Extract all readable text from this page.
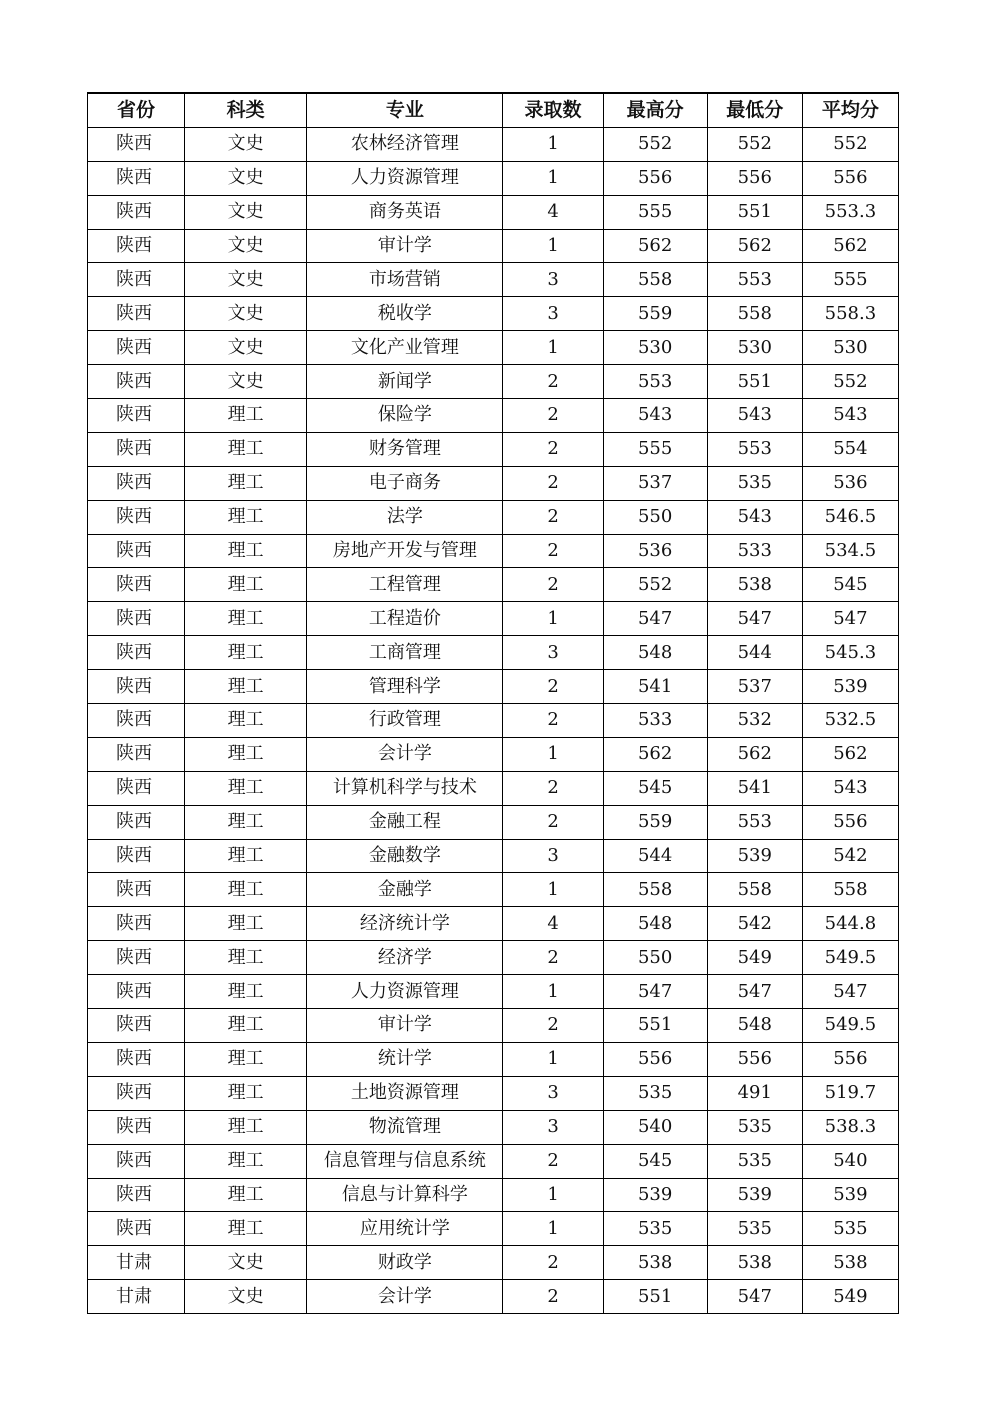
省份	科类	专业	录取数	最高分	最低分	平均分
陕西	文史	农林经济管理	1	552	552	552
陕西	文史	人力资源管理	1	556	556	556
陕西	文史	商务英语	4	555	551	553.3
陕西	文史	审计学	1	562	562	562
陕西	文史	市场营销	3	558	553	555
陕西	文史	税收学	3	559	558	558.3
陕西	文史	文化产业管理	1	530	530	530
陕西	文史	新闻学	2	553	551	552
陕西	理工	保险学	2	543	543	543
陕西	理工	财务管理	2	555	553	554
陕西	理工	电子商务	2	537	535	536
陕西	理工	法学	2	550	543	546.5
陕西	理工	房地产开发与管理	2	536	533	534.5
陕西	理工	工程管理	2	552	538	545
陕西	理工	工程造价	1	547	547	547
陕西	理工	工商管理	3	548	544	545.3
陕西	理工	管理科学	2	541	537	539
陕西	理工	行政管理	2	533	532	532.5
陕西	理工	会计学	1	562	562	562
陕西	理工	计算机科学与技术	2	545	541	543
陕西	理工	金融工程	2	559	553	556
陕西	理工	金融数学	3	544	539	542
陕西	理工	金融学	1	558	558	558
陕西	理工	经济统计学	4	548	542	544.8
陕西	理工	经济学	2	550	549	549.5
陕西	理工	人力资源管理	1	547	547	547
陕西	理工	审计学	2	551	548	549.5
陕西	理工	统计学	1	556	556	556
陕西	理工	土地资源管理	3	535	491	519.7
陕西	理工	物流管理	3	540	535	538.3
陕西	理工	信息管理与信息系统	2	545	535	540
陕西	理工	信息与计算科学	1	539	539	539
陕西	理工	应用统计学	1	535	535	535
甘肃	文史	财政学	2	538	538	538
甘肃	文史	会计学	2	551	547	549
